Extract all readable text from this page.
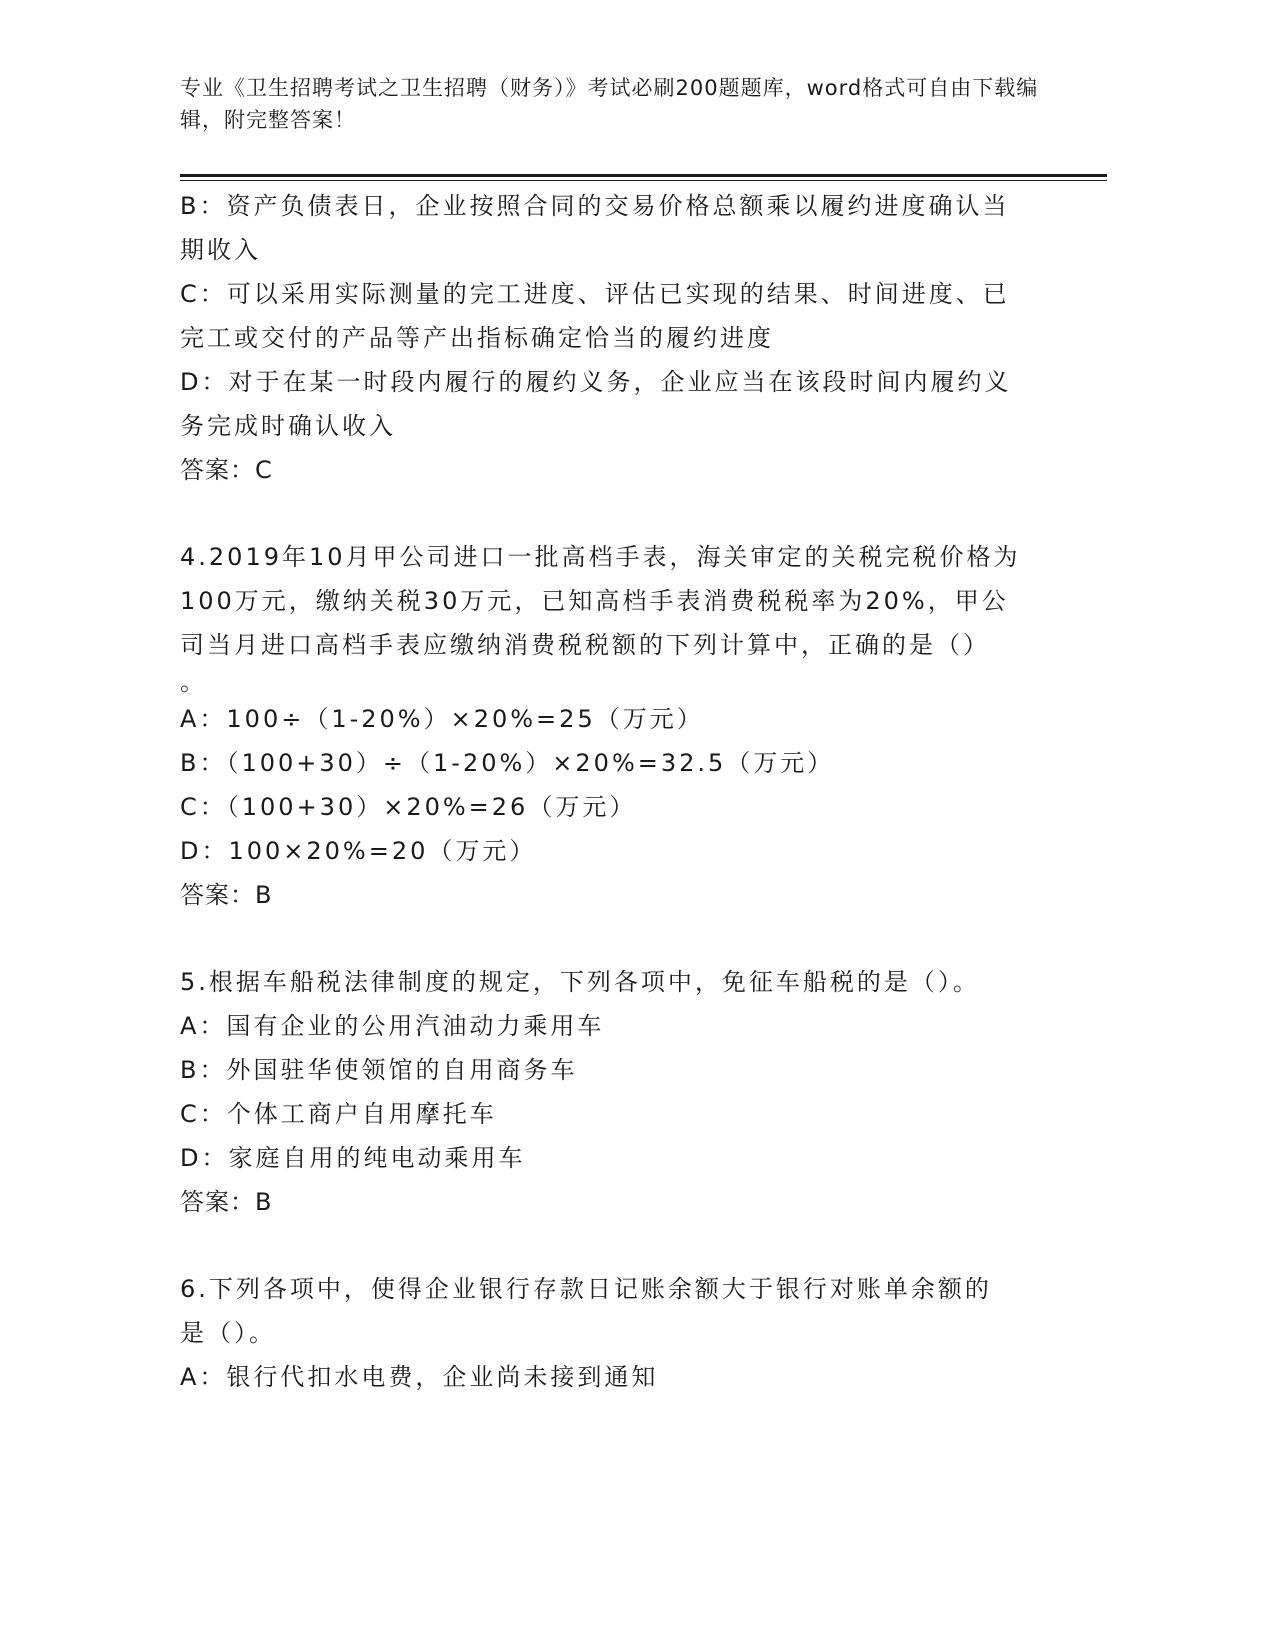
专业《卫生招聘考试之卫生招聘（财务）》考试必刷200题题库，word格式可自由下载编辑，附完整答案！
B：资产负债表日，企业按照合同的交易价格总额乘以履约进度确认当
期收入
C：可以采用实际测量的完工进度、评估已实现的结果、时间进度、已
完工或交付的产品等产出指标确定恰当的履约进度
D：对于在某一时段内履行的履约义务，企业应当在该段时间内履约义
务完成时确认收入
答案：C
4.2019年10月甲公司进口一批高档手表，海关审定的关税完税价格为
100万元，缴纳关税30万元，已知高档手表消费税税率为20%，甲公
司当月进口高档手表应缴纳消费税税额的下列计算中，正确的是（）
。
A：100÷（1-20%）×20%=25（万元）
B：（100+30）÷（1-20%）×20%=32.5（万元）
C：（100+30）×20%=26（万元）
D：100×20%=20（万元）
答案：B
5.根据车船税法律制度的规定，下列各项中，免征车船税的是（）。
A：国有企业的公用汽油动力乘用车
B：外国驻华使领馆的自用商务车
C：个体工商户自用摩托车
D：家庭自用的纯电动乘用车
答案：B
6.下列各项中，使得企业银行存款日记账余额大于银行对账单余额的
是（）。
A：银行代扣水电费，企业尚未接到通知
